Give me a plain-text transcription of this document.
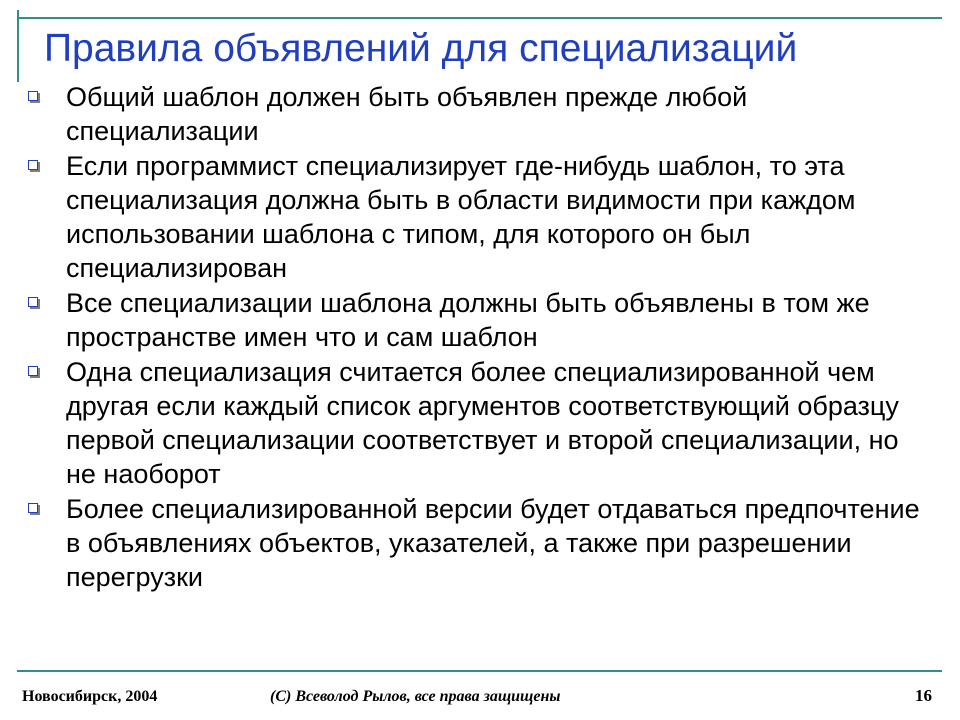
Правила объявлений для специализаций
Общий шаблон должен быть объявлен прежде любой специализации
Если программист специализирует где-нибудь шаблон, то эта специализация должна быть в области видимости при каждом использовании шаблона с типом, для которого он был специализирован
Все специализации шаблона должны быть объявлены в том же пространстве имен что и сам шаблон
Одна специализация считается более специализированной чем другая если каждый список аргументов соответствующий образцу первой специализации соответствует и второй специализации, но не наоборот
Более специализированной версии будет отдаваться предпочтение в объявлениях объектов, указателей, а также при разрешении перегрузки
Новосибирск, 2004	(С) Всеволод Рылов, все права защищены	16
